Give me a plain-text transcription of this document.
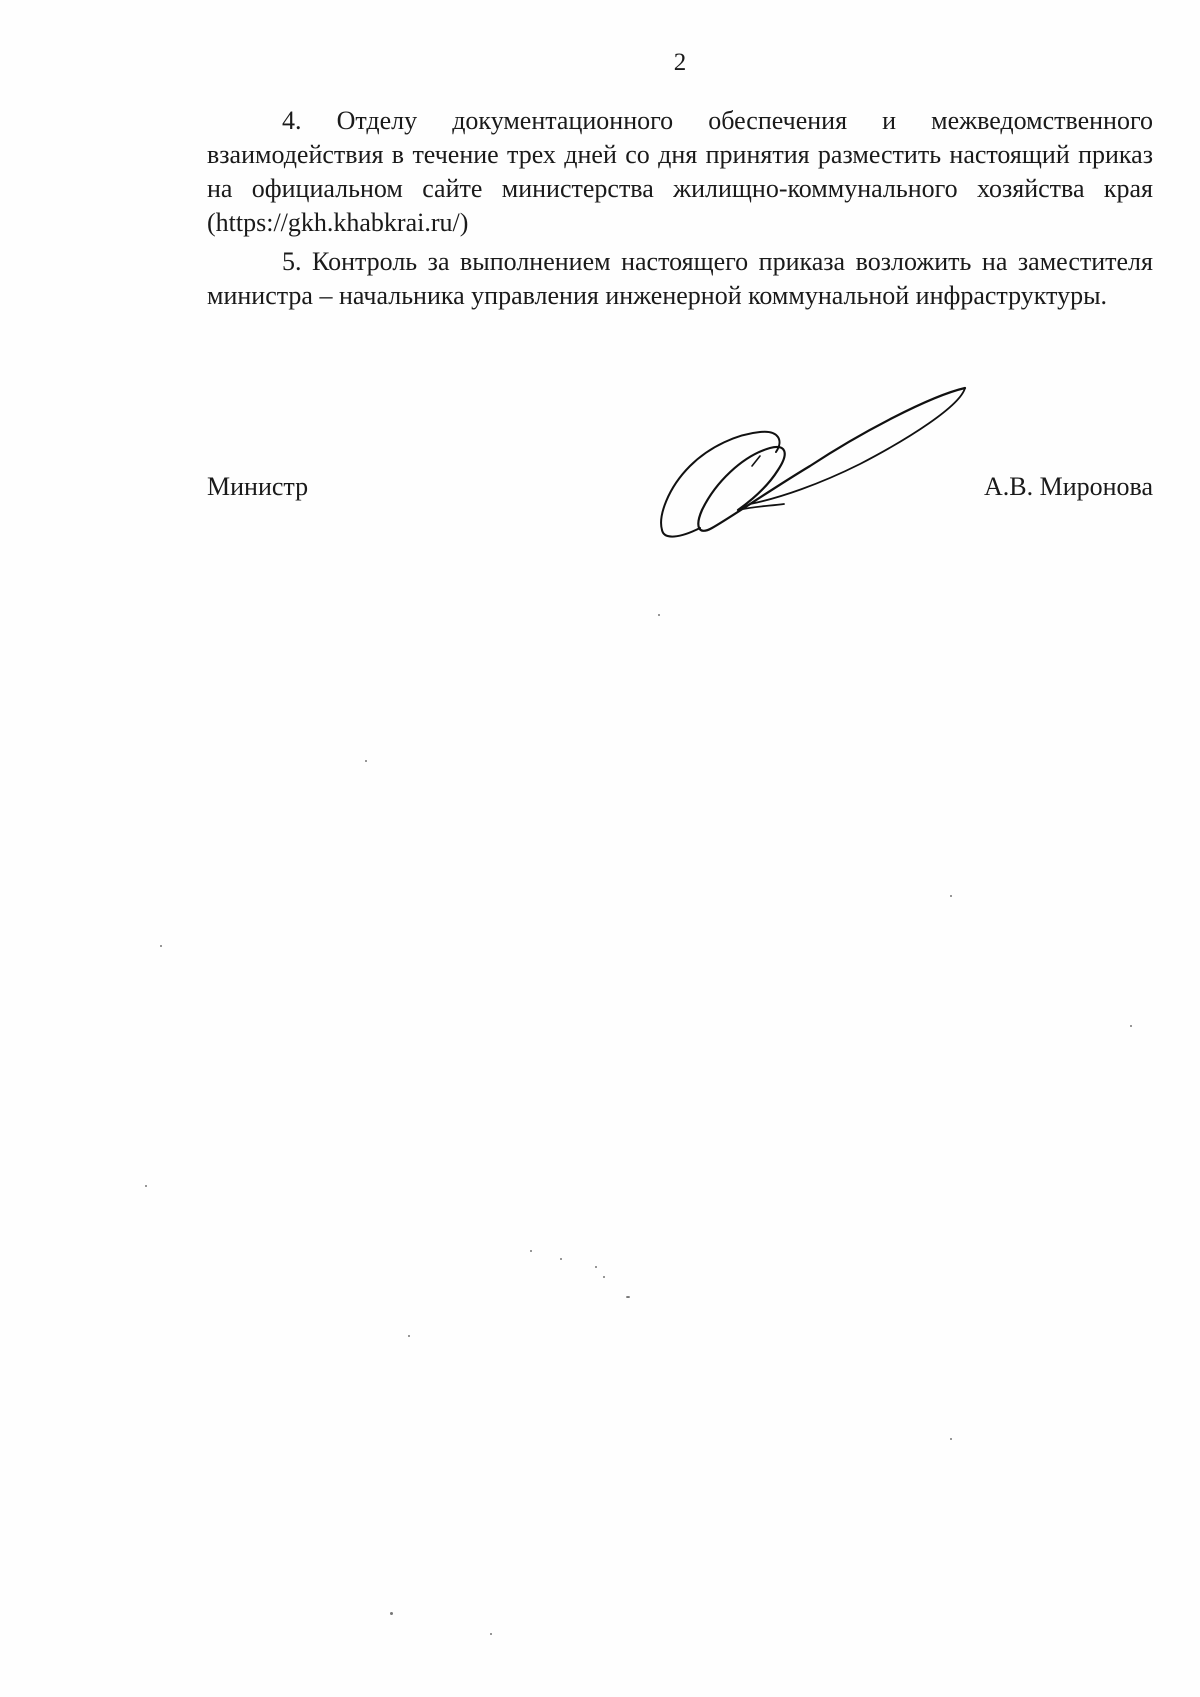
2

4. Отделу документационного обеспечения и межведомственного взаимодействия в течение трех дней со дня принятия разместить настоящий приказ на официальном сайте министерства жилищно-коммунального хозяйства края (https://gkh.khabkrai.ru/)

5. Контроль за выполнением настоящего приказа возложить на заместителя министра – начальника управления инженерной коммунальной инфраструктуры.

Министр	А.В. Миронова
